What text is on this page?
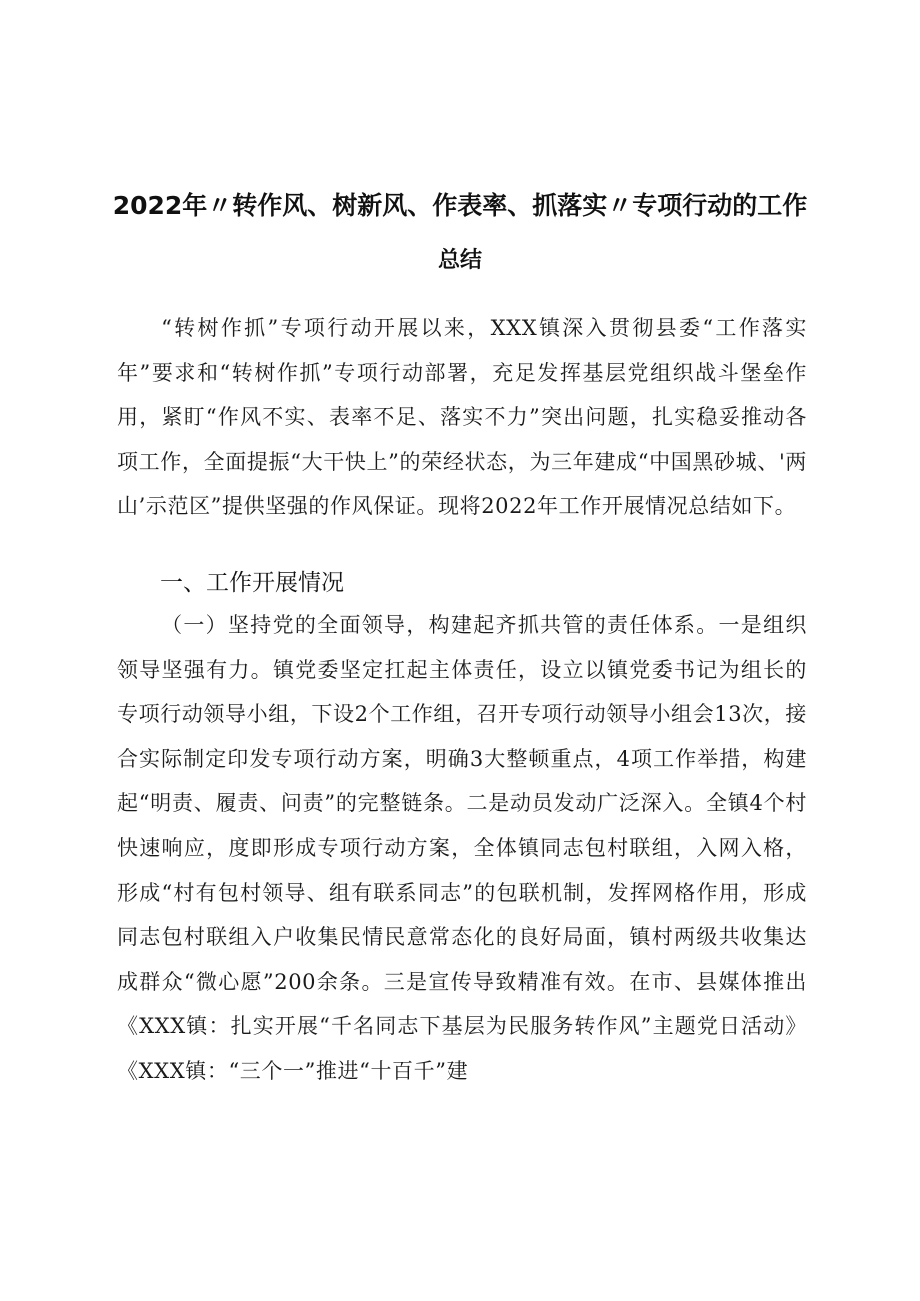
2022年〃转作风、树新风、作表率、抓落实〃专项行动的工作
总结
“转树作抓”专项行动开展以来，XXX镇深入贯彻县委“工作落实年”要求和“转树作抓”专项行动部署，充足发挥基层党组织战斗堡垒作用，紧盯“作风不实、表率不足、落实不力”突出问题，扎实稳妥推动各项工作，全面提振“大干快上”的荣经状态，为三年建成“中国黑砂城、'两山’示范区”提供坚强的作风保证。现将2022年工作开展情况总结如下。
一、工作开展情况
（一）坚持党的全面领导，构建起齐抓共管的责任体系。一是组织领导坚强有力。镇党委坚定扛起主体责任，设立以镇党委书记为组长的专项行动领导小组，下设2个工作组，召开专项行动领导小组会13次，接合实际制定印发专项行动方案，明确3大整顿重点，4项工作举措，构建起“明责、履责、问责”的完整链条。二是动员发动广泛深入。全镇4个村快速响应，度即形成专项行动方案，全体镇同志包村联组，入网入格，形成“村有包村领导、组有联系同志”的包联机制，发挥网格作用，形成同志包村联组入户收集民情民意常态化的良好局面，镇村两级共收集达成群众“微心愿”200余条。三是宣传导致精准有效。在市、县媒体推出《XXX镇：扎实开展“千名同志下基层为民服务转作风”主题党日活动》《XXX镇：“三个一”推进“十百千”建
